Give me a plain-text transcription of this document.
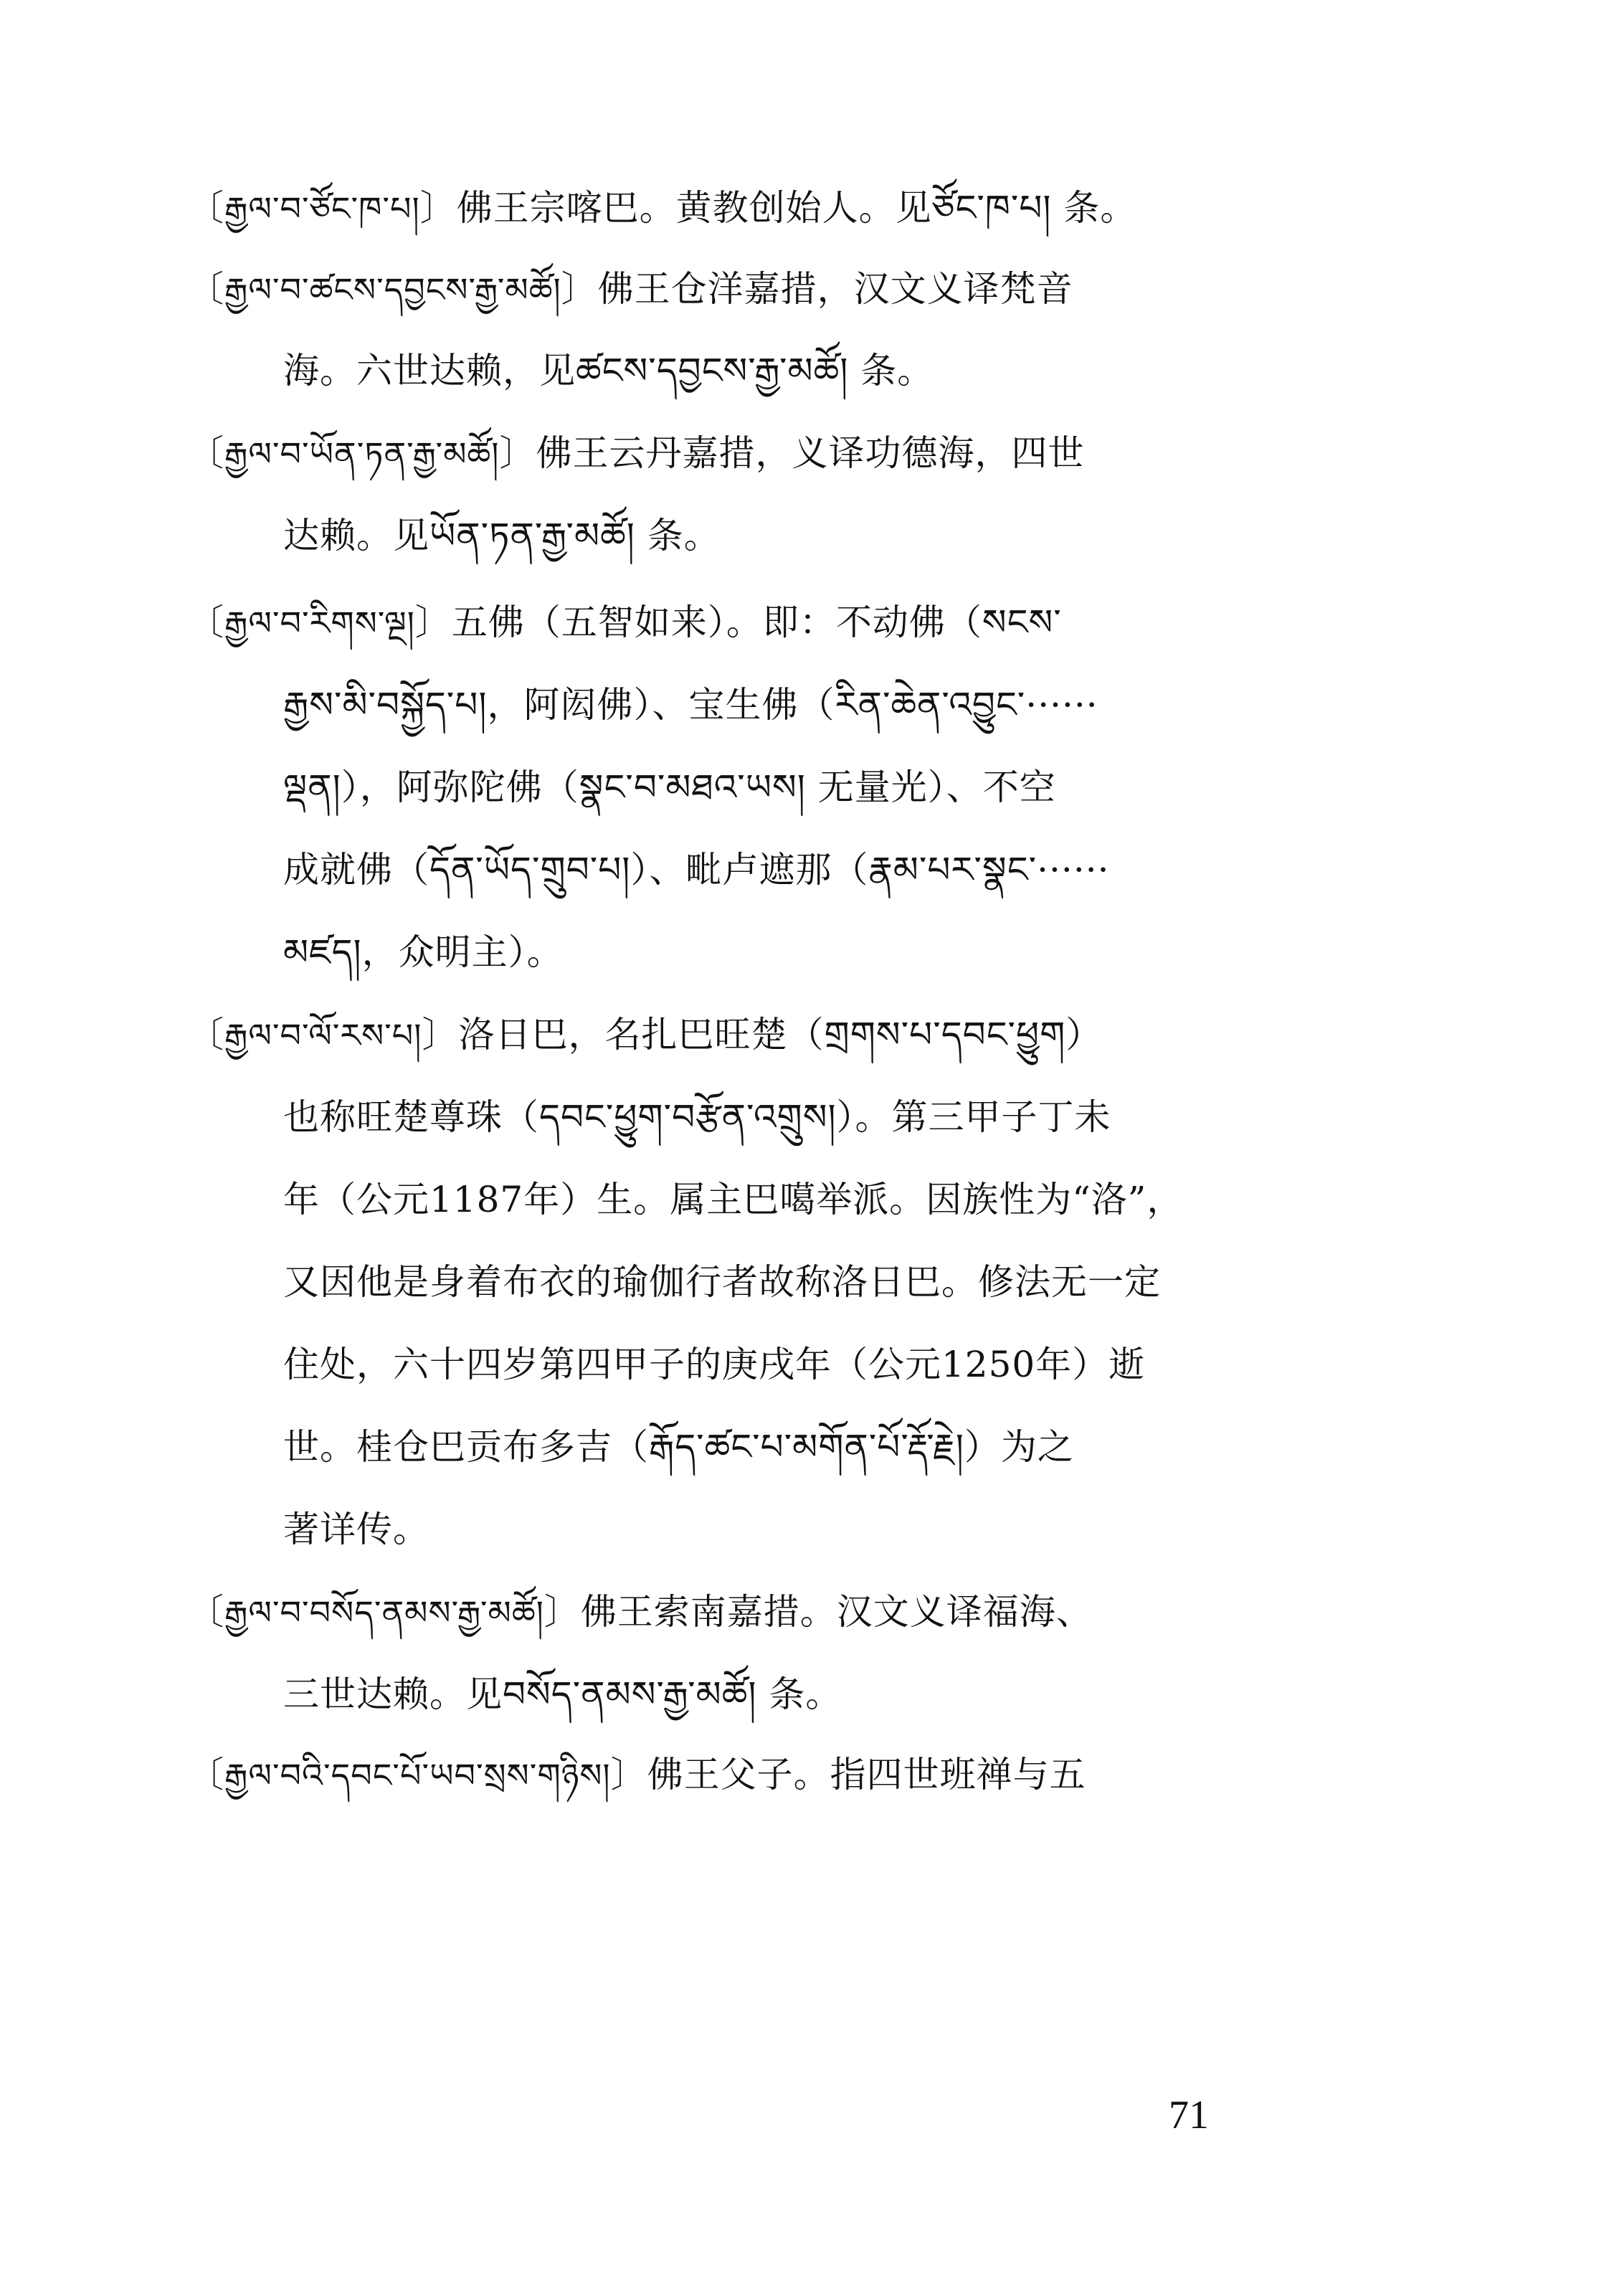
〔རྒྱལ་བ་ཙོང་ཁ་པ།〕佛王宗喀巴。黄教创始人。见ཙོང་ཁ་པ། 条。
〔རྒྱལ་བ་ཚངས་དབྱངས་རྒྱ་མཚོ།〕佛王仓洋嘉措，汉文义译梵音
海。六世达赖，见ཚངས་དབྱངས་རྒྱ་མཚོ། 条。
〔རྒྱལ་བ་ཡོན་ཏན་རྒྱ་མཚོ།〕佛王云丹嘉措，义译功德海，四世
达赖。见ཡོན་ཏན་རྒྱ་མཚོ། 条。
〔རྒྱལ་བ་རིགས་ལྔ།〕五佛（五智如来）。即：不动佛（སངས་
རྒྱས་མི་བསྐྱོད་པ།，阿闳佛）、宝生佛（རིན་ཆེན་འབྱུང་······
ལྡན།），阿弥陀佛（སྣང་བ་མཐའ་ཡས། 无量光）、不空
成就佛（དོན་ཡོད་གྲུབ་པ།）、毗卢遮那（རྣམ་པར་སྣང་······
མཛད།，众明主）。
〔རྒྱལ་བ་ལོ་རས་པ།〕洛日巴，名扎巴旺楚（གྲགས་པ་དབང་ཕྱུག）
也称旺楚尊珠（དབང་ཕྱུག་བརྩོན་འགྲུས།）。第三甲子丁未
年（公元1187年）生。属主巴噶举派。因族性为“洛”，
又因他是身着布衣的瑜伽行者故称洛日巴。修法无一定
住处，六十四岁第四甲子的庚戌年（公元1250年）逝
世。桂仓巴贡布多吉（རྒོད་ཚང་པ་མགོན་པོ་རྡོ་རྗེ།）为之
著详传。
〔རྒྱལ་བ་བསོད་ནམས་རྒྱ་མཚོ།〕佛王索南嘉措。汉文义译福海、
三世达赖。见བསོད་ནམས་རྒྱ་མཚོ། 条。
〔རྒྱལ་བའི་དབང་པོ་ཡབ་སྲས་གཉིས།〕佛王父子。指四世班禅与五
71
